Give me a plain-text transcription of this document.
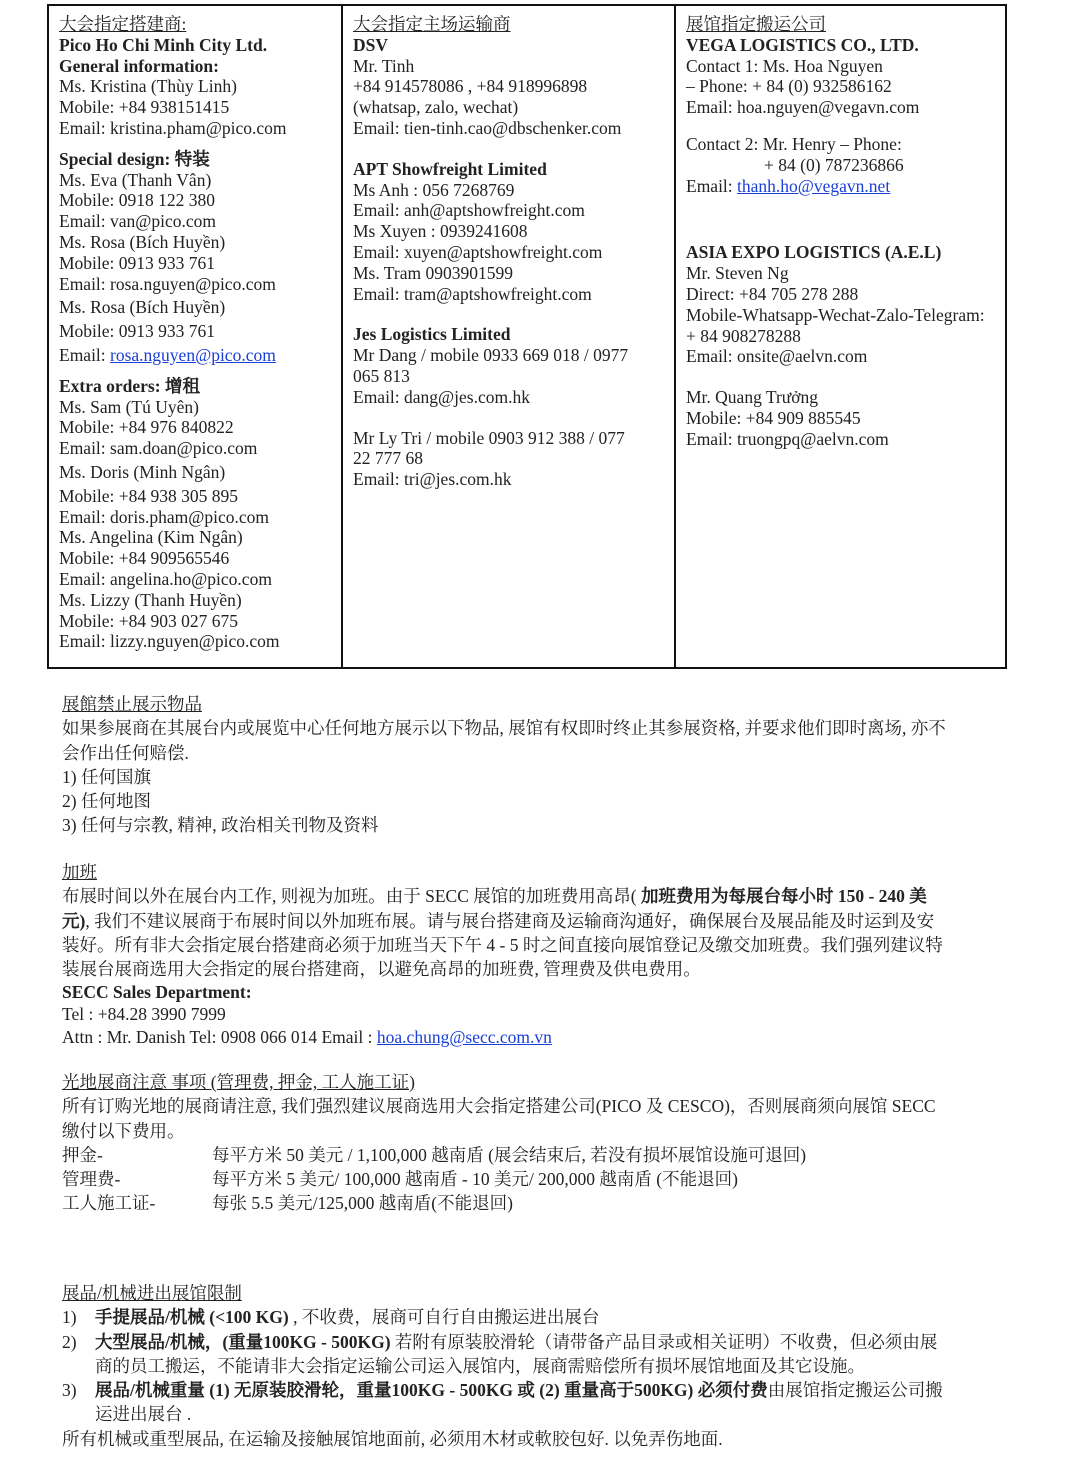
大会指定搭建商:

Pico Ho Chi Minh City Ltd.

General information:

Ms. Kristina (Thùy Linh)

Mobile: +84 938151415

Email: kristina.pham@pico.com

Special design: 特装

Ms. Eva (Thanh Vân)

Mobile: 0918 122 380

Email: van@pico.com

Ms. Rosa (Bích Huyền)

Mobile: 0913 933 761

Email: rosa.nguyen@pico.com

Ms. Rosa (Bích Huyền)

Mobile: 0913 933 761

Email: rosa.nguyen@pico.com

Extra orders: 增租

Ms. Sam (Tú Uyên)

Mobile: +84 976 840822

Email: sam.doan@pico.com

Ms. Doris (Minh Ngân)

Mobile: +84 938 305 895

Email: doris.pham@pico.com

Ms. Angelina (Kim Ngân)

Mobile: +84 909565546

Email: angelina.ho@pico.com

Ms. Lizzy (Thanh Huyền)

Mobile: +84 903 027 675

Email: lizzy.nguyen@pico.com

大会指定主场运输商

DSV

Mr. Tinh

+84 914578086 , +84 918996898

(whatsap, zalo, wechat)

Email: tien-tinh.cao@dbschenker.com

APT Showfreight Limited

Ms Anh : 056 7268769

Email: anh@aptshowfreight.com

Ms Xuyen : 0939241608

Email: xuyen@aptshowfreight.com

Ms. Tram 0903901599

Email: tram@aptshowfreight.com

Jes Logistics Limited

Mr Dang / mobile 0933 669 018 / 0977

065 813

Email: dang@jes.com.hk

Mr Ly Tri / mobile 0903 912 388 / 077

22 777 68

Email: tri@jes.com.hk

展馆指定搬运公司

VEGA LOGISTICS CO., LTD.

Contact 1: Ms. Hoa Nguyen

– Phone: + 84 (0) 932586162

Email: hoa.nguyen@vegavn.com

Contact 2: Mr. Henry – Phone:

+ 84 (0) 787236866

Email: thanh.ho@vegavn.net

ASIA EXPO LOGISTICS (A.E.L)

Mr. Steven Ng

Direct: +84 705 278 288

Mobile-Whatsapp-Wechat-Zalo-Telegram:

+ 84 908278288

Email: onsite@aelvn.com

Mr. Quang Trưởng

Mobile: +84 909 885545

Email: truongpq@aelvn.com

展館禁止展示物品

如果参展商在其展台内或展览中心任何地方展示以下物品, 展馆有权即时终止其参展资格, 并要求他们即时离场, 亦不

会作出任何赔偿.

1) 任何国旗

2) 任何地图

3) 任何与宗教, 精神, 政治相关刊物及资料

加班

布展时间以外在展台内工作, 则视为加班。由于 SECC 展馆的加班费用高昂( 加班费用为每展台每小时 150 - 240 美

元), 我们不建议展商于布展时间以外加班布展。请与展台搭建商及运输商沟通好，确保展台及展品能及时运到及安

装好。所有非大会指定展台搭建商必须于加班当天下午 4 - 5 时之间直接向展馆登记及缴交加班费。我们强列建议特

装展台展商选用大会指定的展台搭建商，以避免高昂的加班费, 管理费及供电费用。

SECC Sales Department:

Tel : +84.28 3990 7999

Attn : Mr. Danish Tel: 0908 066 014 Email : hoa.chung@secc.com.vn

光地展商注意 事项 (管理费, 押金, 工人施工证)

所有订购光地的展商请注意, 我们强烈建议展商选用大会指定搭建公司(PICO 及 CESCO)，否则展商须向展馆 SECC

缴付以下费用。

押金-	每平方米 50 美元 / 1,100,000 越南盾 (展会结束后, 若没有损坏展馆设施可退回)
管理费-	每平方米 5 美元/ 100,000 越南盾 - 10 美元/ 200,000 越南盾 (不能退回)
工人施工证-	每张 5.5 美元/125,000 越南盾(不能退回)

展品/机械进出展馆限制

1)	手提展品/机械 (<100 KG) , 不收费，展商可自行自由搬运进出展台
2)	大型展品/机械，(重量100KG - 500KG) 若附有原装胶滑轮（请带备产品目录或相关证明）不收费，但必须由展
商的员工搬运，不能请非大会指定运输公司运入展馆内，展商需赔偿所有损坏展馆地面及其它设施。
3)	展品/机械重量 (1) 无原装胶滑轮，重量100KG - 500KG 或 (2) 重量高于500KG) 必须付费由展馆指定搬运公司搬
运进出展台 .

所有机械或重型展品, 在运输及接触展馆地面前, 必须用木材或軟胶包好. 以免弄伤地面.
